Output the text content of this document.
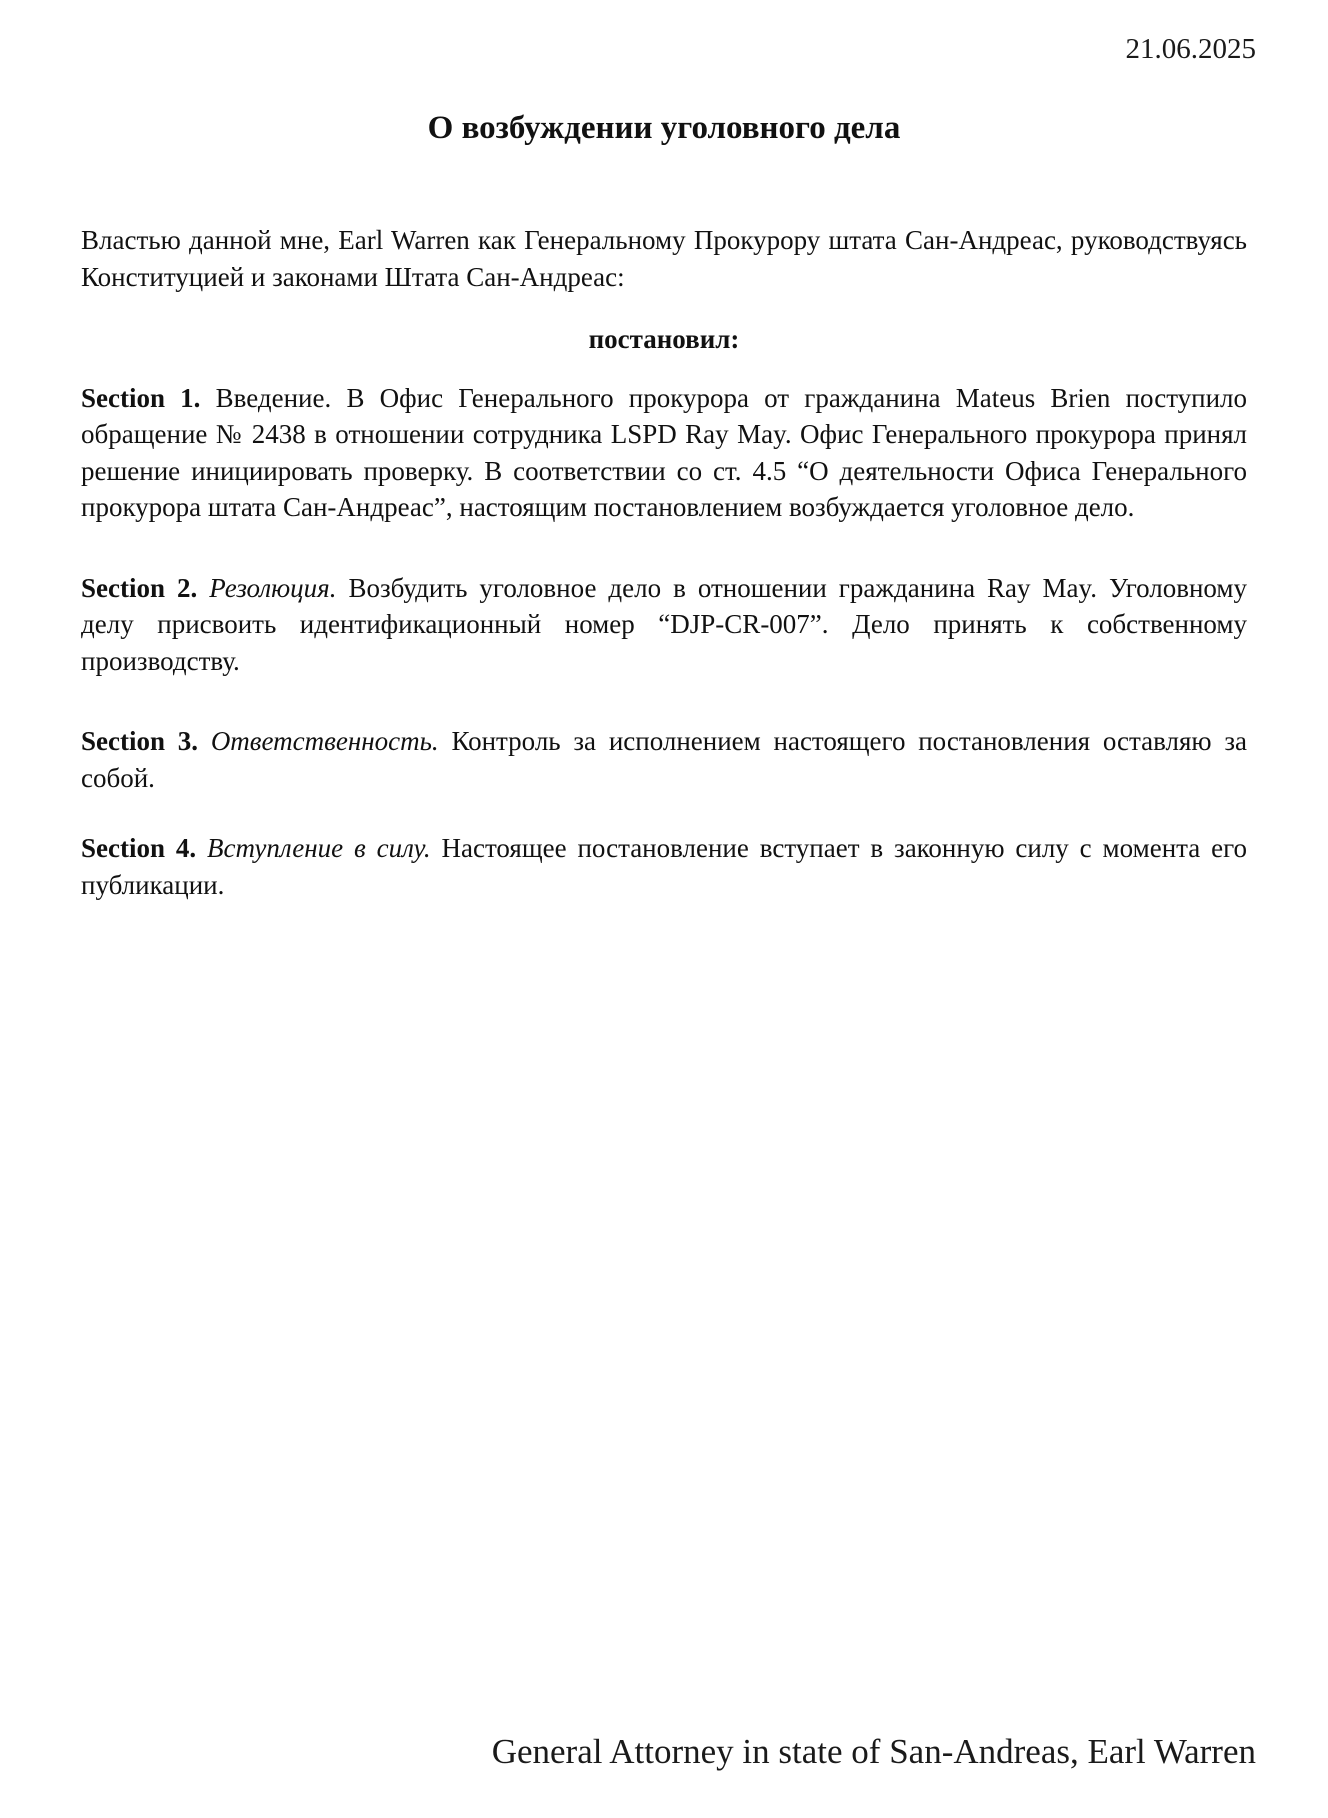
21.06.2025
О возбуждении уголовного дела

Властью данной мне, Earl Warren как Генеральному Прокурору штата Сан-Андреас, руководствуясь Конституцией и законами Штата Сан-Андреас:

постановил:

Section 1. Введение. В Офис Генерального прокурора от гражданина Mateus Brien поступило обращение № 2438 в отношении сотрудника LSPD Ray May. Офис Генерального прокурора принял решение инициировать проверку. В соответствии со ст. 4.5 “О деятельности Офиса Генерального прокурора штата Сан-Андреас”, настоящим постановлением возбуждается уголовное дело.

Section 2. Резолюция. Возбудить уголовное дело в отношении гражданина Ray May. Уголовному делу присвоить идентификационный номер “DJP-CR-007”. Дело принять к собственному производству.

Section 3. Ответственность. Контроль за исполнением настоящего постановления оставляю за собой.

Section 4. Вступление в силу. Настоящее постановление вступает в законную силу с момента его публикации.

General Attorney in state of San-Andreas, Earl Warren
